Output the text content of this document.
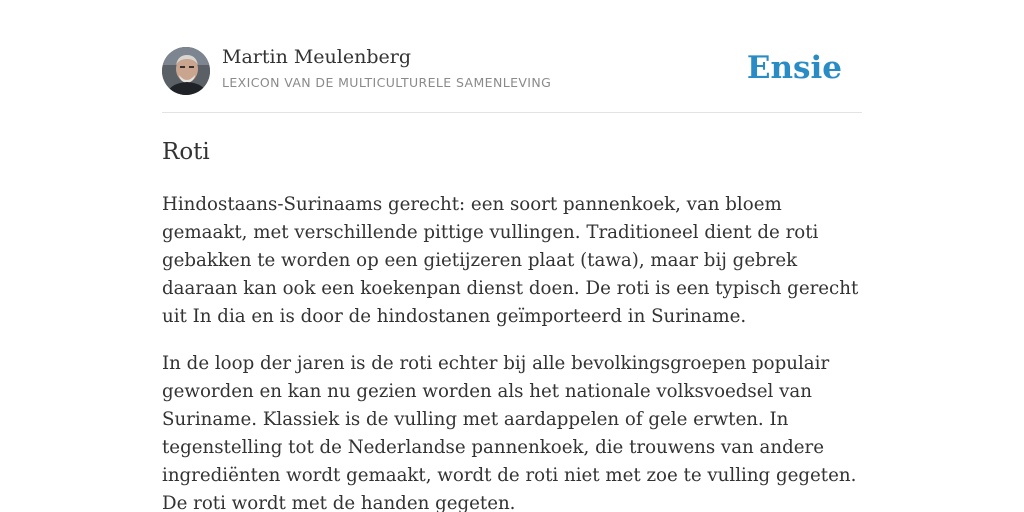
Martin Meulenberg
LEXICON VAN DE MULTICULTURELE SAMENLEVING	Ensie
Roti

Hindostaans-Surinaams gerecht: een soort pannenkoek, van bloem gemaakt, met verschillende pittige vullingen. Traditioneel dient de roti gebakken te worden op een gietijzeren plaat (tawa), maar bij gebrek daaraan kan ook een koekenpan dienst doen. De roti is een typisch gerecht uit In dia en is door de hindostanen geïmporteerd in Suriname.

In de loop der jaren is de roti echter bij alle bevolkingsgroepen populair geworden en kan nu gezien worden als het nationale volksvoedsel van Suriname. Klassiek is de vulling met aardappelen of gele erwten. In tegenstelling tot de Nederlandse pannenkoek, die trouwens van andere ingrediënten wordt gemaakt, wordt de roti niet met zoe te vulling gegeten. De roti wordt met de handen gegeten.
